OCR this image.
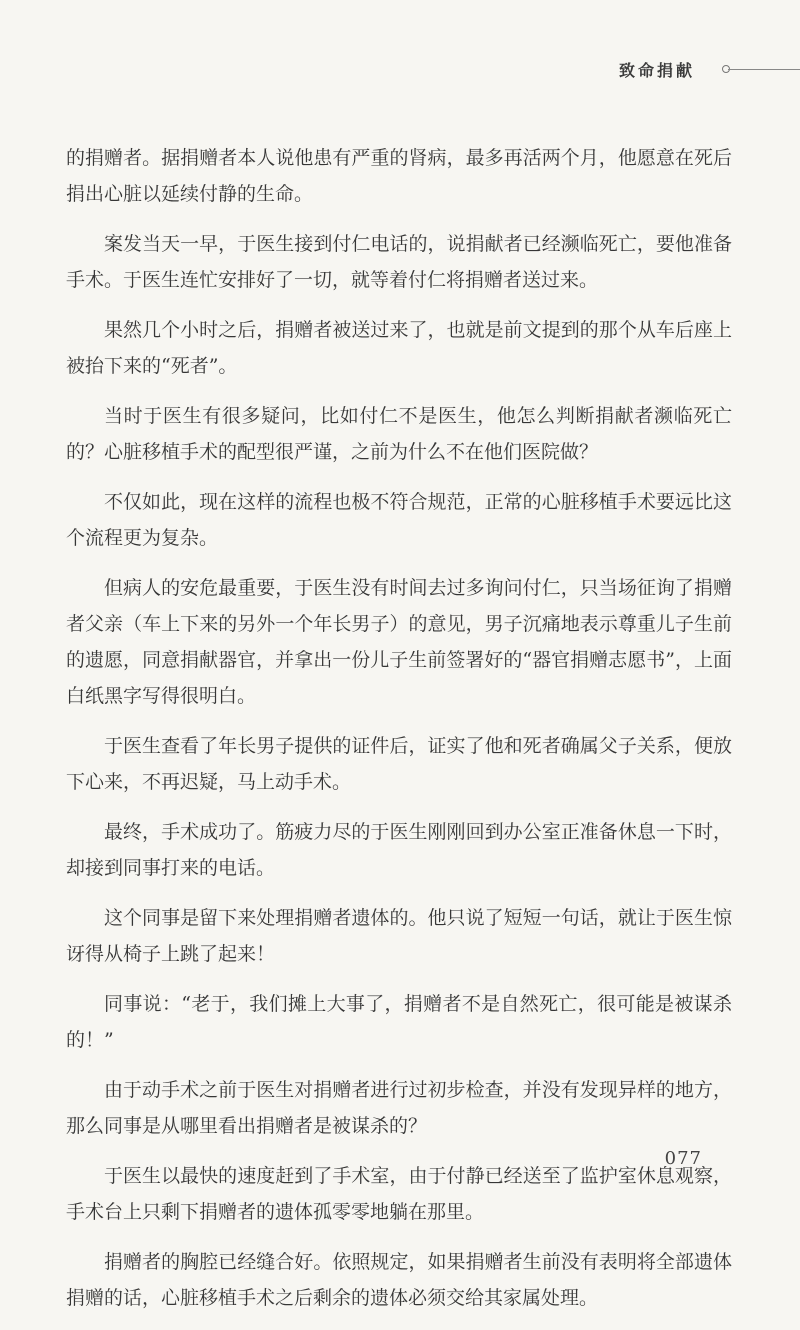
致命捐献

的捐赠者。据捐赠者本人说他患有严重的肾病，最多再活两个月，他愿意在死后捐出心脏以延续付静的生命。

案发当天一早，于医生接到付仁电话的，说捐献者已经濒临死亡，要他准备手术。于医生连忙安排好了一切，就等着付仁将捐赠者送过来。

果然几个小时之后，捐赠者被送过来了，也就是前文提到的那个从车后座上被抬下来的“死者”。

当时于医生有很多疑问，比如付仁不是医生，他怎么判断捐献者濒临死亡的？心脏移植手术的配型很严谨，之前为什么不在他们医院做？

不仅如此，现在这样的流程也极不符合规范，正常的心脏移植手术要远比这个流程更为复杂。

但病人的安危最重要，于医生没有时间去过多询问付仁，只当场征询了捐赠者父亲（车上下来的另外一个年长男子）的意见，男子沉痛地表示尊重儿子生前的遗愿，同意捐献器官，并拿出一份儿子生前签署好的“器官捐赠志愿书”，上面白纸黑字写得很明白。

于医生查看了年长男子提供的证件后，证实了他和死者确属父子关系，便放下心来，不再迟疑，马上动手术。

最终，手术成功了。筋疲力尽的于医生刚刚回到办公室正准备休息一下时，却接到同事打来的电话。

这个同事是留下来处理捐赠者遗体的。他只说了短短一句话，就让于医生惊讶得从椅子上跳了起来！

同事说：“老于，我们摊上大事了，捐赠者不是自然死亡，很可能是被谋杀的！”

由于动手术之前于医生对捐赠者进行过初步检查，并没有发现异样的地方，那么同事是从哪里看出捐赠者是被谋杀的？

于医生以最快的速度赶到了手术室，由于付静已经送至了监护室休息观察，手术台上只剩下捐赠者的遗体孤零零地躺在那里。

捐赠者的胸腔已经缝合好。依照规定，如果捐赠者生前没有表明将全部遗体捐赠的话，心脏移植手术之后剩余的遗体必须交给其家属处理。

077
